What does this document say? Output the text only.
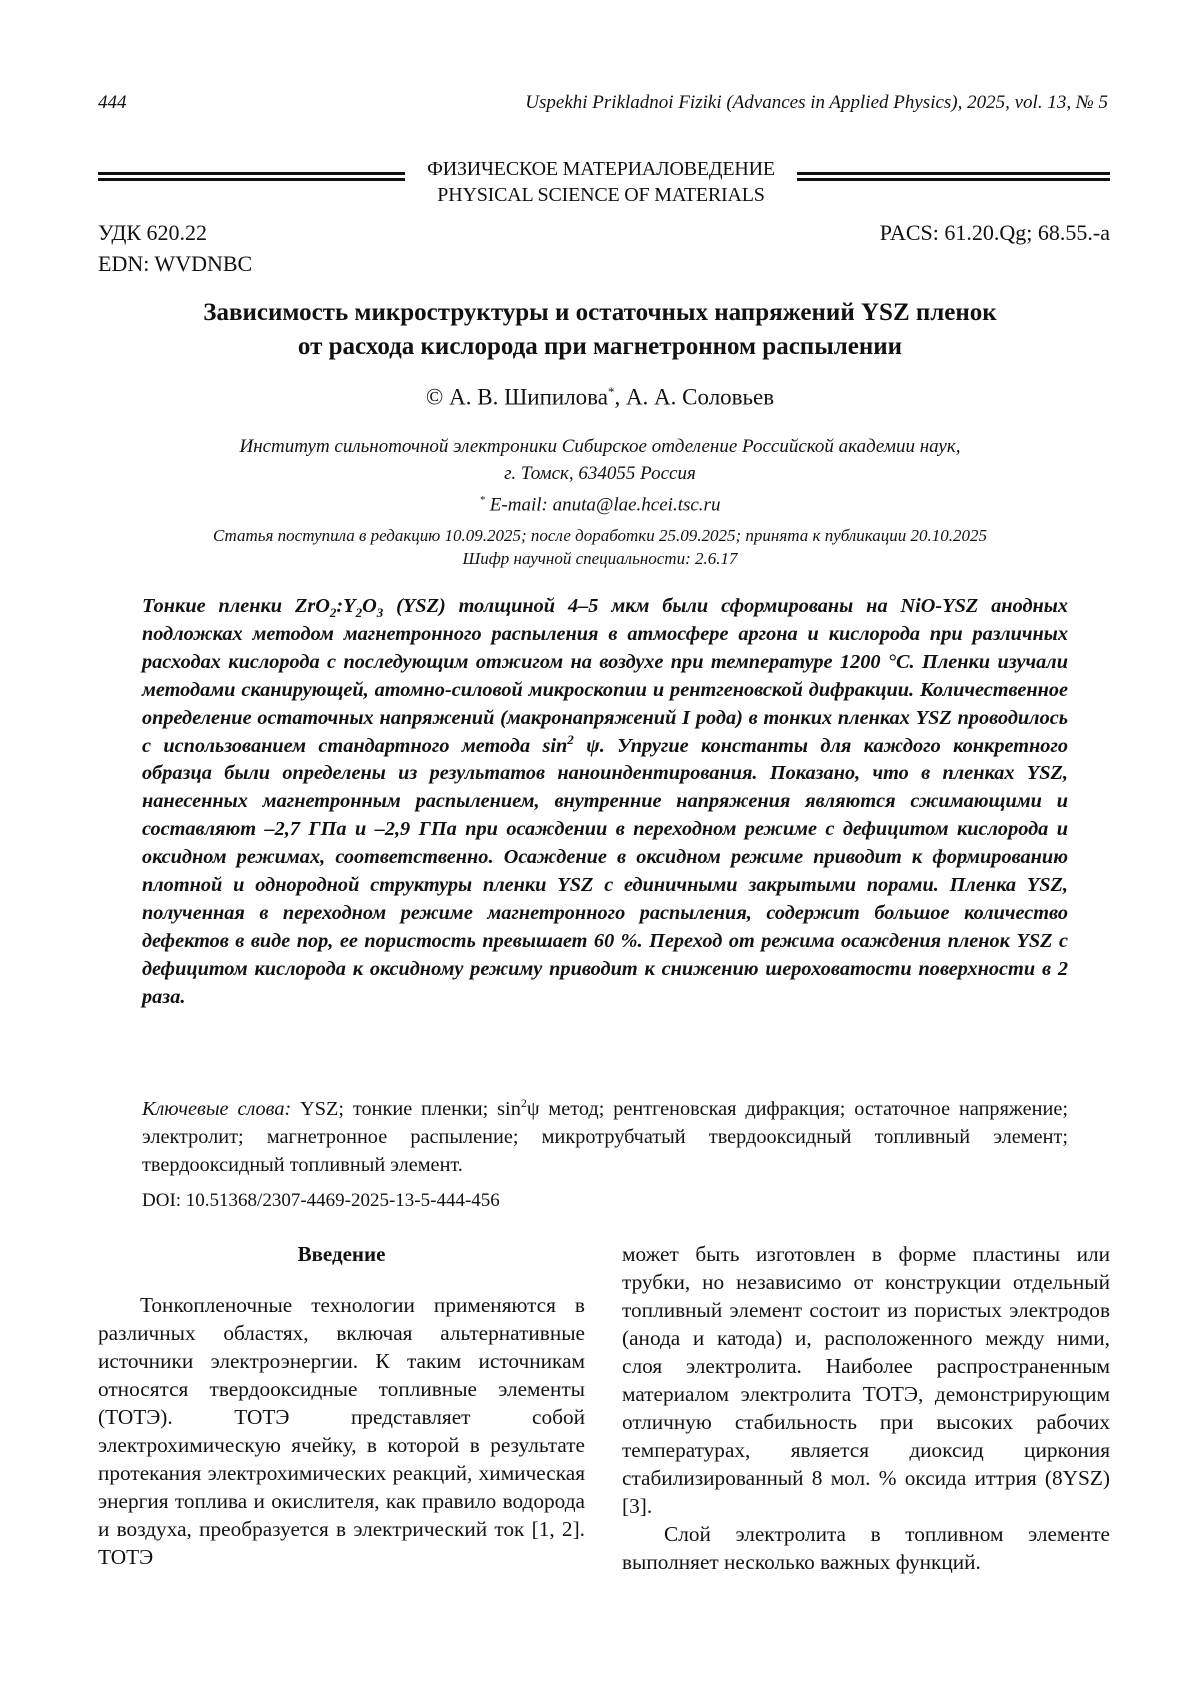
444	Uspekhi Prikladnoi Fiziki (Advances in Applied Physics), 2025, vol. 13, № 5
ФИЗИЧЕСКОЕ МАТЕРИАЛОВЕДЕНИЕ
PHYSICAL SCIENCE OF MATERIALS
УДК 620.22
EDN: WVDNBC
PACS: 61.20.Qg; 68.55.-a
Зависимость микроструктуры и остаточных напряжений YSZ пленок
от расхода кислорода при магнетронном распылении
© А. В. Шипилова*, А. А. Соловьев
Институт сильноточной электроники Сибирское отделение Российской академии наук,
г. Томск, 634055 Россия
* E-mail: anuta@lae.hcei.tsc.ru
Статья поступила в редакцию 10.09.2025; после доработки 25.09.2025; принята к публикации 20.10.2025
Шифр научной специальности: 2.6.17
Тонкие пленки $ZrO_2:Y_2O_3$ (YSZ) толщиной 4–5 мкм были сформированы на NiO-YSZ анодных подложках методом магнетронного распыления в атмосфере аргона и кислорода при различных расходах кислорода с последующим отжигом на воздухе при температуре 1200 °С. Пленки изучали методами сканирующей, атомно-силовой микроскопии и рентгеновской дифракции. Количественное определение остаточных напряжений (макронапряжений I рода) в тонких пленках YSZ проводилось с использованием стандартного метода $\sin^2 \psi$. Упругие константы для каждого конкретного образца были определены из результатов наноиндентирования. Показано, что в пленках YSZ, нанесенных магнетронным распылением, внутренние напряжения являются сжимающими и составляют –2,7 ГПа и –2,9 ГПа при осаждении в переходном режиме с дефицитом кислорода и оксидном режимах, соответственно. Осаждение в оксидном режиме приводит к формированию плотной и однородной структуры пленки YSZ с единичными закрытыми порами. Пленка YSZ, полученная в переходном режиме магнетронного распыления, содержит большое количество дефектов в виде пор, ее пористость превышает 60 %. Переход от режима осаждения пленок YSZ с дефицитом кислорода к оксидному режиму приводит к снижению шероховатости поверхности в 2 раза.
Ключевые слова: YSZ; тонкие пленки; $\sin^2\psi$ метод; рентгеновская дифракция; остаточное напряжение; электролит; магнетронное распыление; микротрубчатый твердооксидный топливный элемент; твердооксидный топливный элемент.
DOI: 10.51368/2307-4469-2025-13-5-444-456
Введение

Тонкопленочные технологии применяются в различных областях, включая альтернативные источники электроэнергии. К таким источникам относятся твердооксидные топливные элементы (ТОТЭ). ТОТЭ представляет собой электрохимическую ячейку, в которой в результате протекания электрохимических реакций, химическая энергия топлива и окислителя, как правило водорода и воздуха, преобразуется в электрический ток [1, 2]. ТОТЭ

может быть изготовлен в форме пластины или трубки, но независимо от конструкции отдельный топливный элемент состоит из пористых электродов (анода и катода) и, расположенного между ними, слоя электролита. Наиболее распространенным материалом электролита ТОТЭ, демонстрирующим отличную стабильность при высоких рабочих температурах, является диоксид циркония стабилизированный 8 мол. % оксида иттрия (8YSZ) [3].

Слой электролита в топливном элементе выполняет несколько важных функций.
